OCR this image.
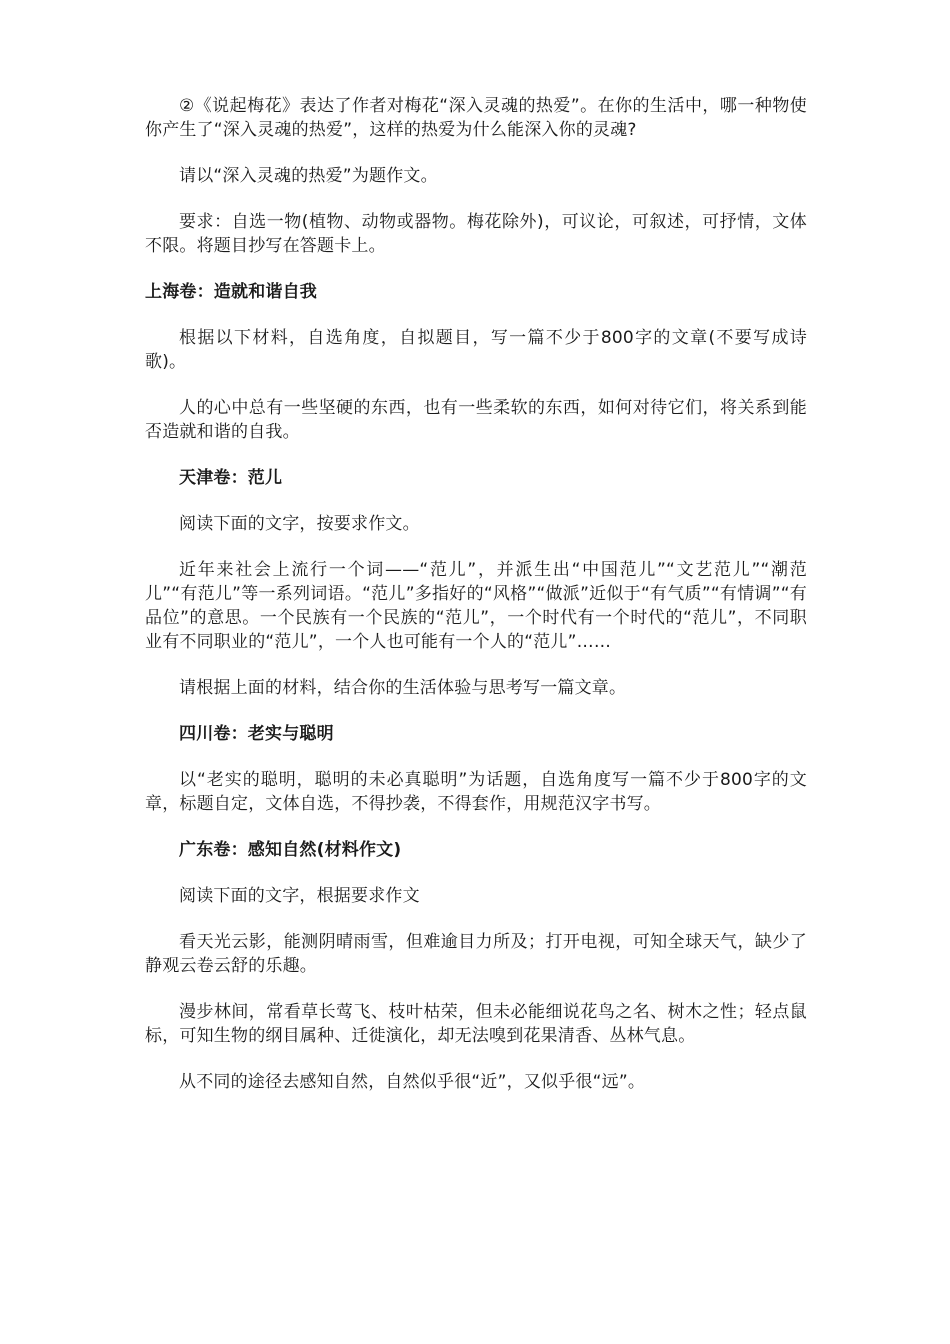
②《说起梅花》表达了作者对梅花“深入灵魂的热爱”。在你的生活中，哪一种物使你产生了“深入灵魂的热爱”，这样的热爱为什么能深入你的灵魂?

请以“深入灵魂的热爱”为题作文。

要求：自选一物(植物、动物或器物。梅花除外)，可议论，可叙述，可抒情，文体不限。将题目抄写在答题卡上。

上海卷：造就和谐自我

根据以下材料，自选角度，自拟题目，写一篇不少于800字的文章(不要写成诗歌)。

人的心中总有一些坚硬的东西，也有一些柔软的东西，如何对待它们，将关系到能否造就和谐的自我。

天津卷：范儿

阅读下面的文字，按要求作文。

近年来社会上流行一个词——“范儿”，并派生出“中国范儿”“文艺范儿”“潮范儿”“有范儿”等一系列词语。“范儿”多指好的“风格”“做派”近似于“有气质”“有情调”“有品位”的意思。一个民族有一个民族的“范儿”，一个时代有一个时代的“范儿”，不同职业有不同职业的“范儿”，一个人也可能有一个人的“范儿”……

请根据上面的材料，结合你的生活体验与思考写一篇文章。

四川卷：老实与聪明

以“老实的聪明，聪明的未必真聪明”为话题，自选角度写一篇不少于800字的文章，标题自定，文体自选，不得抄袭，不得套作，用规范汉字书写。

广东卷：感知自然(材料作文)

阅读下面的文字，根据要求作文

看天光云影，能测阴晴雨雪，但难逾目力所及；打开电视，可知全球天气，缺少了静观云卷云舒的乐趣。

漫步林间，常看草长莺飞、枝叶枯荣，但未必能细说花鸟之名、树木之性；轻点鼠标，可知生物的纲目属种、迁徙演化，却无法嗅到花果清香、丛林气息。

从不同的途径去感知自然，自然似乎很“近”，又似乎很“远”。
